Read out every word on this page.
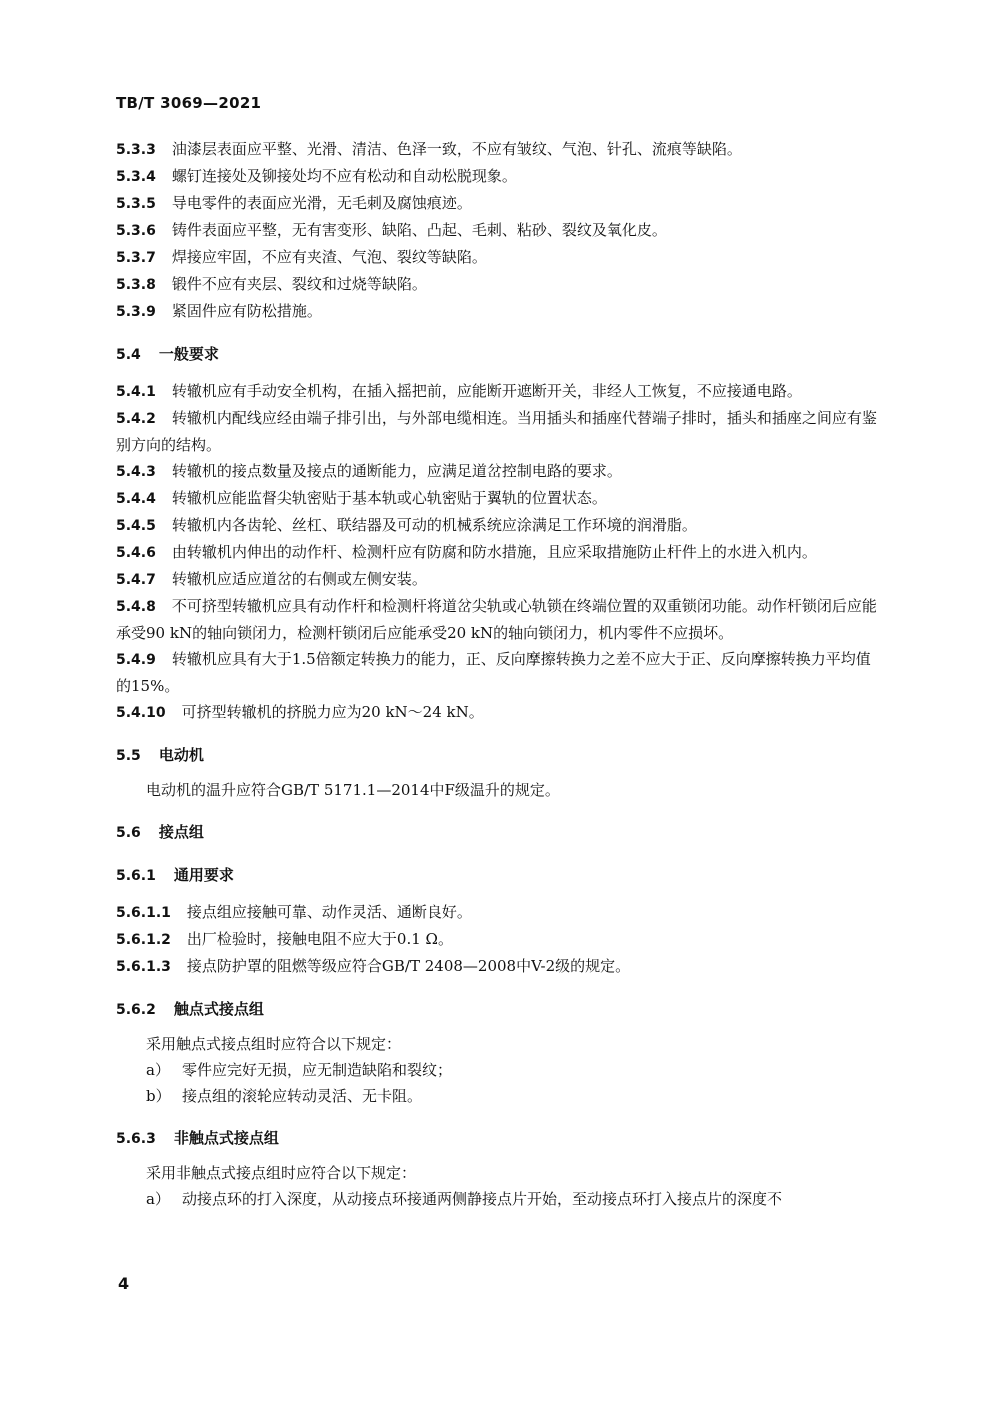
TB/T 3069—2021
5.3.3 油漆层表面应平整、光滑、清洁、色泽一致，不应有皱纹、气泡、针孔、流痕等缺陷。
5.3.4 螺钉连接处及铆接处均不应有松动和自动松脱现象。
5.3.5 导电零件的表面应光滑，无毛刺及腐蚀痕迹。
5.3.6 铸件表面应平整，无有害变形、缺陷、凸起、毛刺、粘砂、裂纹及氧化皮。
5.3.7 焊接应牢固，不应有夹渣、气泡、裂纹等缺陷。
5.3.8 锻件不应有夹层、裂纹和过烧等缺陷。
5.3.9 紧固件应有防松措施。
5.4 一般要求
5.4.1 转辙机应有手动安全机构，在插入摇把前，应能断开遮断开关，非经人工恢复，不应接通电路。
5.4.2 转辙机内配线应经由端子排引出，与外部电缆相连。当用插头和插座代替端子排时，插头和插座之间应有鉴别方向的结构。
5.4.3 转辙机的接点数量及接点的通断能力，应满足道岔控制电路的要求。
5.4.4 转辙机应能监督尖轨密贴于基本轨或心轨密贴于翼轨的位置状态。
5.4.5 转辙机内各齿轮、丝杠、联结器及可动的机械系统应涂满足工作环境的润滑脂。
5.4.6 由转辙机内伸出的动作杆、检测杆应有防腐和防水措施，且应采取措施防止杆件上的水进入机内。
5.4.7 转辙机应适应道岔的右侧或左侧安装。
5.4.8 不可挤型转辙机应具有动作杆和检测杆将道岔尖轨或心轨锁在终端位置的双重锁闭功能。动作杆锁闭后应能承受90 kN的轴向锁闭力，检测杆锁闭后应能承受20 kN的轴向锁闭力，机内零件不应损坏。
5.4.9 转辙机应具有大于1.5倍额定转换力的能力，正、反向摩擦转换力之差不应大于正、反向摩擦转换力平均值的15%。
5.4.10 可挤型转辙机的挤脱力应为20 kN～24 kN。
5.5 电动机
电动机的温升应符合GB/T 5171.1—2014中F级温升的规定。
5.6 接点组
5.6.1 通用要求
5.6.1.1 接点组应接触可靠、动作灵活、通断良好。
5.6.1.2 出厂检验时，接触电阻不应大于0.1 Ω。
5.6.1.3 接点防护罩的阻燃等级应符合GB/T 2408—2008中V-2级的规定。
5.6.2 触点式接点组
采用触点式接点组时应符合以下规定：
a） 零件应完好无损，应无制造缺陷和裂纹；
b） 接点组的滚轮应转动灵活、无卡阻。
5.6.3 非触点式接点组
采用非触点式接点组时应符合以下规定：
a） 动接点环的打入深度，从动接点环接通两侧静接点片开始，至动接点环打入接点片的深度不
4
